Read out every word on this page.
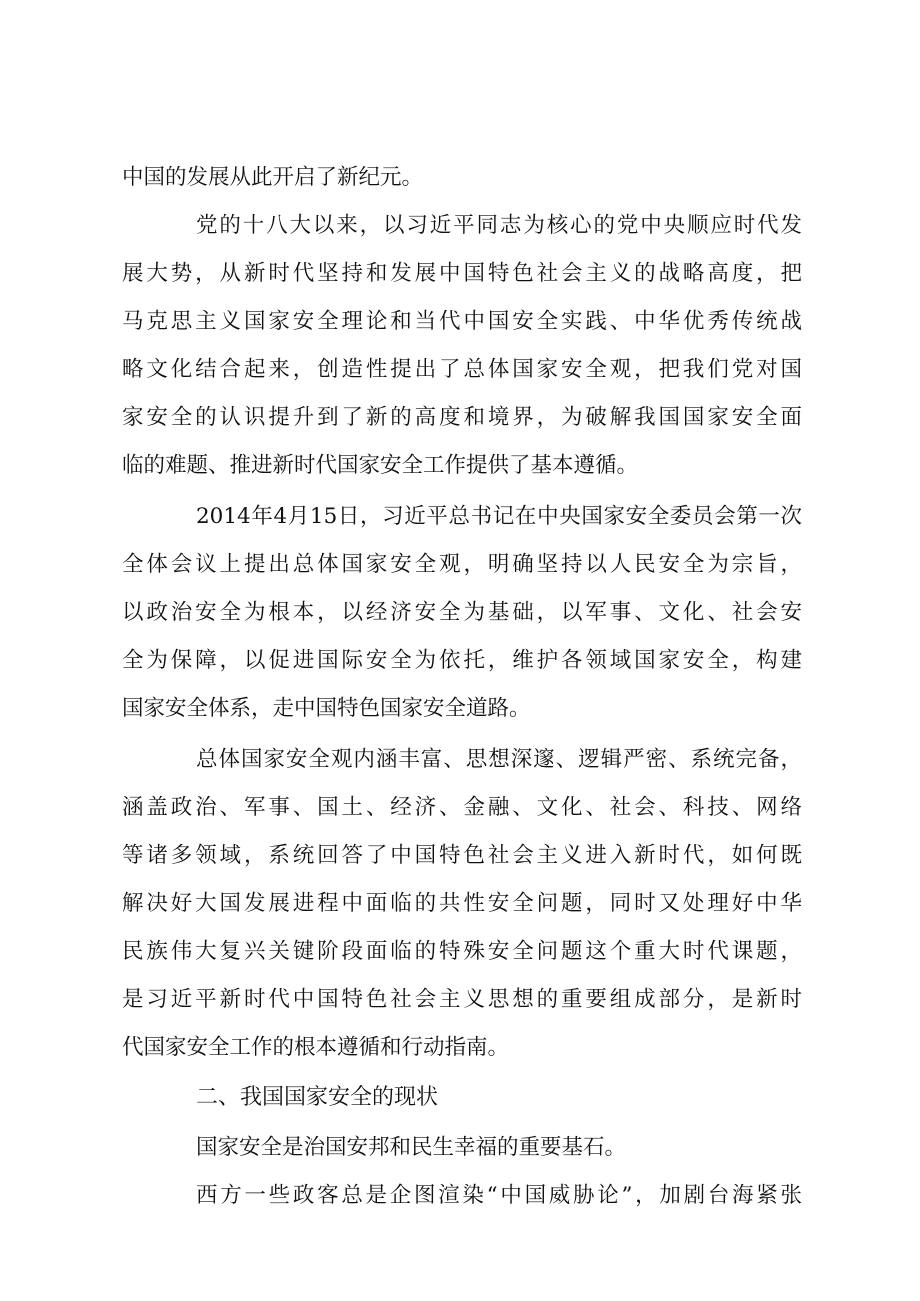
中国的发展从此开启了新纪元。

党的十八大以来，以习近平同志为核心的党中央顺应时代发

展大势，从新时代坚持和发展中国特色社会主义的战略高度，把

马克思主义国家安全理论和当代中国安全实践、中华优秀传统战

略文化结合起来，创造性提出了总体国家安全观，把我们党对国

家安全的认识提升到了新的高度和境界，为破解我国国家安全面

临的难题、推进新时代国家安全工作提供了基本遵循。

2014年4月15日，习近平总书记在中央国家安全委员会第一次

全体会议上提出总体国家安全观，明确坚持以人民安全为宗旨，

以政治安全为根本，以经济安全为基础，以军事、文化、社会安

全为保障，以促进国际安全为依托，维护各领域国家安全，构建

国家安全体系，走中国特色国家安全道路。

总体国家安全观内涵丰富、思想深邃、逻辑严密、系统完备，

涵盖政治、军事、国土、经济、金融、文化、社会、科技、网络

等诸多领域，系统回答了中国特色社会主义进入新时代，如何既

解决好大国发展进程中面临的共性安全问题，同时又处理好中华

民族伟大复兴关键阶段面临的特殊安全问题这个重大时代课题，

是习近平新时代中国特色社会主义思想的重要组成部分，是新时

代国家安全工作的根本遵循和行动指南。

二、我国国家安全的现状

国家安全是治国安邦和民生幸福的重要基石。

西方一些政客总是企图渲染“中国威胁论”，加剧台海紧张
